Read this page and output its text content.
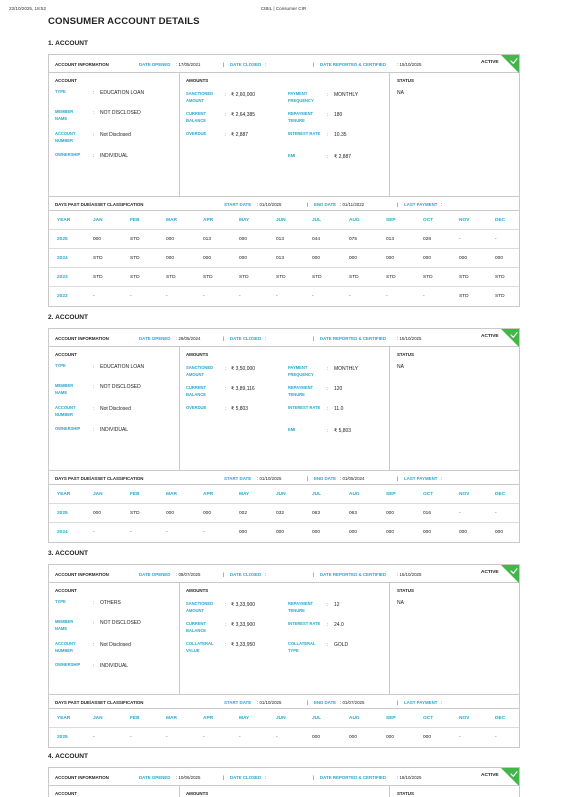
23/10/2025, 18:52	CIBIL | Consumer CIR
CONSUMER ACCOUNT DETAILS
1. ACCOUNT
ACCOUNT INFORMATION	DATE OPENED : 17/05/2021	| DATE CLOSED :	| DATE REPORTED & CERTIFIED : 15/10/2025	ACTIVE
ACCOUNT	AMOUNTS	STATUS
TYPE	: EDUCATION LOAN
MEMBER NAME
: NOT DISCLOSED
ACCOUNT NUMBER
: Not Disclosed
OWNERSHIP	: INDIVIDUAL
SANCTIONED AMOUNT
: ₹ 2,60,000
CURRENT BALANCE
: ₹ 2,64,385
OVERDUE	: ₹ 2,887
PAYMENT FREQUENCY
: MONTHLY
REPAYMENT TENURE
: 180
INTEREST RATE	: 10.35
EMI	: ₹ 2,887
NA
DAYS PAST DUE/ASSET CLASSIFICATION	START DATE : 01/10/2025	| END DATE : 01/11/2022	| LAST PAYMENT :
YEAR	JAN	FEB	MAR	APR	MAY	JUN	JUL	AUG	SEP	OCT	NOV	DEC
2025	000	STD	000	013	000	013	044	075	013	028	-	-
2024	STD	STD	000	000	000	013	000	000	000	000	000	000
2023	STD	STD	STD	STD	STD	STD	STD	STD	STD	STD	STD	STD
2022	-	-	-	-	-	-	-	-	-	-	STD	STD
2. ACCOUNT
ACCOUNT INFORMATION	DATE OPENED : 29/05/2024	| DATE CLOSED :	| DATE REPORTED & CERTIFIED : 15/10/2025	ACTIVE
ACCOUNT	AMOUNTS	STATUS
TYPE	: EDUCATION LOAN
MEMBER NAME
: NOT DISCLOSED
ACCOUNT NUMBER
: Not Disclosed
OWNERSHIP	: INDIVIDUAL
SANCTIONED AMOUNT
: ₹ 3,50,000
CURRENT BALANCE
: ₹ 3,89,116
OVERDUE	: ₹ 5,803
PAYMENT FREQUENCY
: MONTHLY
REPAYMENT TENURE
: 120
INTEREST RATE	: 11.0
EMI	: ₹ 5,803
NA
DAYS PAST DUE/ASSET CLASSIFICATION	START DATE : 01/10/2025	| END DATE : 01/05/2024	| LAST PAYMENT :
YEAR	JAN	FEB	MAR	APR	MAY	JUN	JUL	AUG	SEP	OCT	NOV	DEC
2025	000	STD	000	000	002	032	063	063	000	016	-	-
2024	-	-	-	-	000	000	000	000	000	000	000	000
3. ACCOUNT
ACCOUNT INFORMATION	DATE OPENED : 08/07/2025	| DATE CLOSED :	| DATE REPORTED & CERTIFIED : 15/10/2025	ACTIVE
ACCOUNT	AMOUNTS	STATUS
TYPE	: OTHERS
MEMBER NAME
: NOT DISCLOSED
ACCOUNT NUMBER
: Not Disclosed
OWNERSHIP	: INDIVIDUAL
SANCTIONED AMOUNT
: ₹ 3,33,900
CURRENT BALANCE
: ₹ 3,33,900
COLLATERAL VALUE
: ₹ 3,33,950
REPAYMENT TENURE
: 12
INTEREST RATE	: 24.0
COLLATERAL TYPE
: GOLD
NA
DAYS PAST DUE/ASSET CLASSIFICATION	START DATE : 01/10/2025	| END DATE : 01/07/2025	| LAST PAYMENT :
YEAR	JAN	FEB	MAR	APR	MAY	JUN	JUL	AUG	SEP	OCT	NOV	DEC
2025	-	-	-	-	-	-	000	000	000	000	-	-
4. ACCOUNT
ACCOUNT INFORMATION	DATE OPENED : 10/06/2025	| DATE CLOSED :	| DATE REPORTED & CERTIFIED : 18/10/2025	ACTIVE
ACCOUNT	AMOUNTS	STATUS
